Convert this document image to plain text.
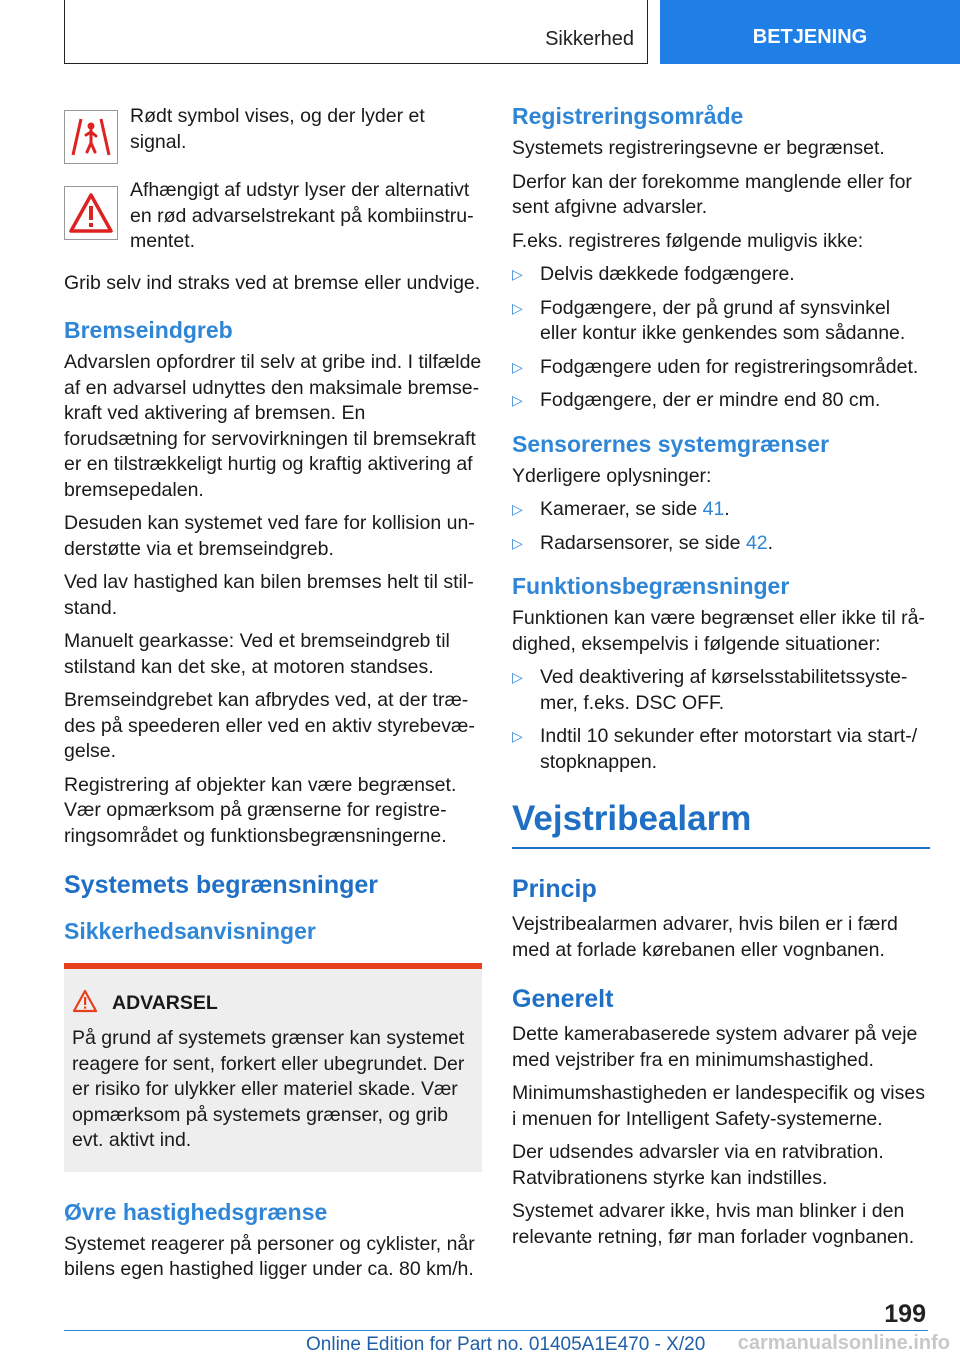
Sikkerhed	BETJENING

Rødt symbol vises, og der lyder et signal.

Afhængigt af udstyr lyser der alternativt en rød advarselstrekant på kombiinstrumentet.

Grib selv ind straks ved at bremse eller undvige.

Bremseindgreb

Advarslen opfordrer til selv at gribe ind. I tilfælde af en advarsel udnyttes den maksimale bremsekraft ved aktivering af bremsen. En forudsætning for servovirkningen til bremsekraft er en tilstrækkeligt hurtig og kraftig aktivering af bremsepedalen.

Desuden kan systemet ved fare for kollision understøtte via et bremseindgreb.

Ved lav hastighed kan bilen bremses helt til stilstand.

Manuelt gearkasse: Ved et bremseindgreb til stilstand kan det ske, at motoren standses.

Bremseindgrebet kan afbrydes ved, at der trædes på speederen eller ved en aktiv styrebevægelse.

Registrering af objekter kan være begrænset. Vær opmærksom på grænserne for registreringsområdet og funktionsbegrænsningerne.

Systemets begrænsninger
Sikkerhedsanvisninger
ADVARSEL

På grund af systemets grænser kan systemet reagere for sent, forkert eller ubegrundet. Der er risiko for ulykker eller materiel skade. Vær opmærksom på systemets grænser, og grib evt. aktivt ind.

Øvre hastighedsgrænse

Systemet reagerer på personer og cyklister, når bilens egen hastighed ligger under ca. 80 km/h.

Registreringsområde

Systemets registreringsevne er begrænset.

Derfor kan der forekomme manglende eller for sent afgivne advarsler.

F.eks. registreres følgende muligvis ikke:

▷ Delvis dækkede fodgængere.
▷ Fodgængere, der på grund af synsvinkel eller kontur ikke genkendes som sådanne.
▷ Fodgængere uden for registreringsområdet.
▷ Fodgængere, der er mindre end 80 cm.
Sensorernes systemgrænser

Yderligere oplysninger:

▷ Kameraer, se side 41.
▷ Radarsensorer, se side 42.
Funktionsbegrænsninger

Funktionen kan være begrænset eller ikke til rådighed, eksempelvis i følgende situationer:

▷ Ved deaktivering af kørselsstabilitetssystemer, f.eks. DSC OFF.
▷ Indtil 10 sekunder efter motorstart via start-/ stopknappen.
Vejstribealarm
Princip

Vejstribealarmen advarer, hvis bilen er i færd med at forlade kørebanen eller vognbanen.

Generelt

Dette kamerabaserede system advarer på veje med vejstriber fra en minimumshastighed.

Minimumshastigheden er landespecifik og vises i menuen for Intelligent Safety-systemerne.

Der udsendes advarsler via en ratvibration. Ratvibrationens styrke kan indstilles.

Systemet advarer ikke, hvis man blinker i den relevante retning, før man forlader vognbanen.

199
Online Edition for Part no. 01405A1E470 - X/20 carmanualsonline.info
